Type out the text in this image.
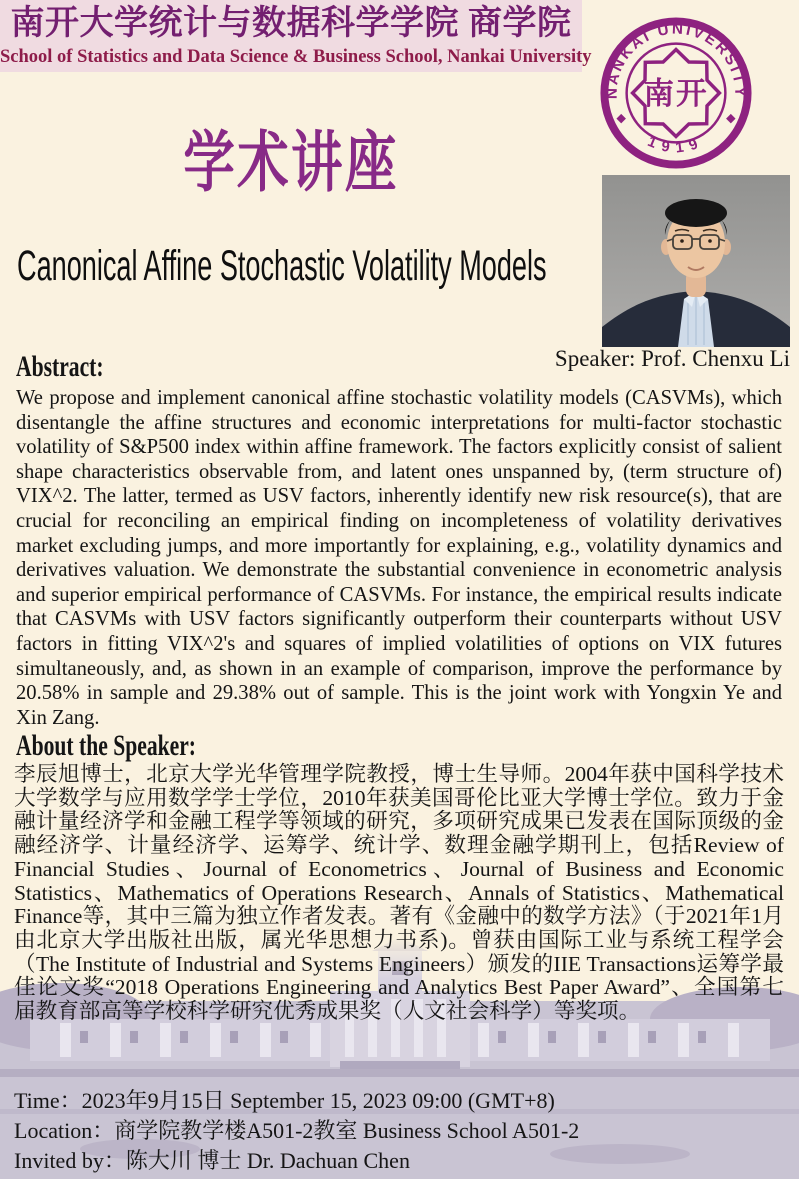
南开大学统计与数据科学学院 商学院
School of Statistics and Data Science & Business School, Nankai University
NANKAI UNIVERSITY
1919
南开
学术讲座
Canonical Affine Stochastic Volatility Models
Speaker: Prof. Chenxu Li
Abstract:
We propose and implement canonical affine stochastic volatility models (CASVMs), which disentangle the affine structures and economic interpretations for multi-factor stochastic volatility of S&P500 index within affine framework. The factors explicitly consist of salient shape characteristics observable from, and latent ones unspanned by, (term structure of) VIX^2. The latter, termed as USV factors, inherently identify new risk resource(s), that are crucial for reconciling an empirical finding on incompleteness of volatility derivatives market excluding jumps, and more importantly for explaining, e.g., volatility dynamics and derivatives valuation. We demonstrate the substantial convenience in econometric analysis and superior empirical performance of CASVMs. For instance, the empirical results indicate that CASVMs with USV factors significantly outperform their counterparts without USV factors in fitting VIX^2's and squares of implied volatilities of options on VIX futures simultaneously, and, as shown in an example of comparison, improve the performance by 20.58% in sample and 29.38% out of sample. This is the joint work with Yongxin Ye and Xin Zang.
About the Speaker:
李辰旭博士，北京大学光华管理学院教授，博士生导师。2004年获中国科学技术大学数学与应用数学学士学位，2010年获美国哥伦比亚大学博士学位。致力于金融计量经济学和金融工程学等领域的研究，多项研究成果已发表在国际顶级的金融经济学、计量经济学、运筹学、统计学、数理金融学期刊上，包括Review of Financial Studies、Journal of Econometrics、Journal of Business and Economic Statistics、Mathematics of Operations Research、Annals of Statistics、Mathematical Finance等，其中三篇为独立作者发表。著有《金融中的数学方法》（于2021年1月由北京大学出版社出版，属光华思想力书系)。曾获由国际工业与系统工程学会（The Institute of Industrial and Systems Engineers）颁发的IIE Transactions运筹学最佳论文奖“2018 Operations Engineering and Analytics Best Paper Award”、全国第七届教育部高等学校科学研究优秀成果奖（人文社会科学）等奖项。
Time：2023年9月15日 September 15, 2023 09:00 (GMT+8)
Location：商学院教学楼A501-2教室 Business School A501-2
Invited by：陈大川 博士 Dr. Dachuan Chen
